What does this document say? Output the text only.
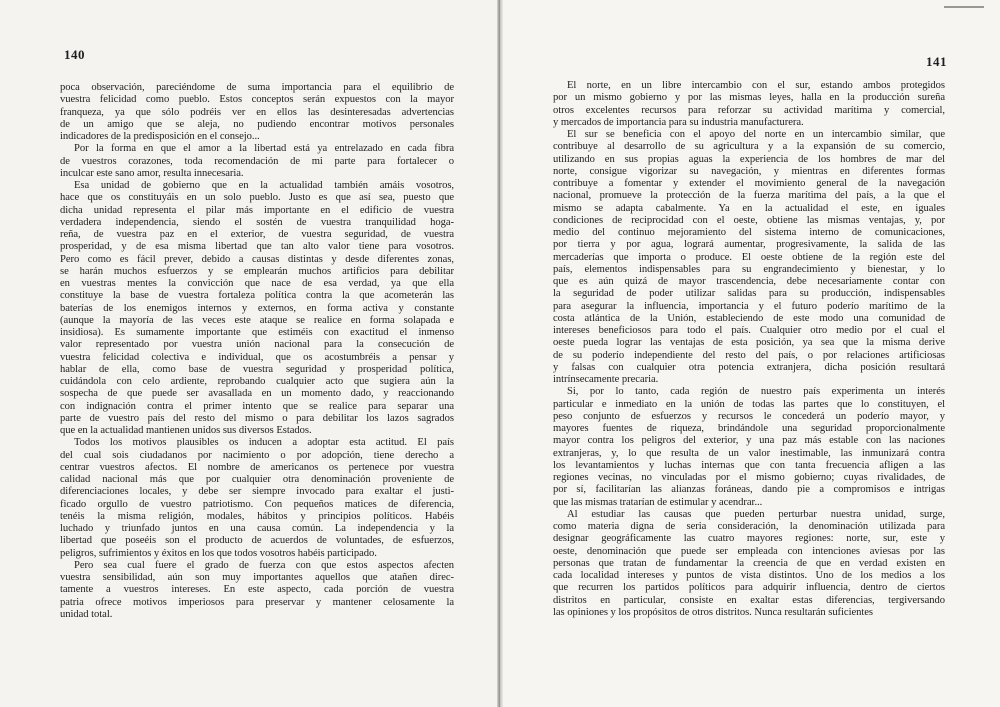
140	141
poca observación, pareciéndome de suma importancia para el equilibrio de
vuestra felicidad como pueblo. Estos conceptos serán expuestos con la mayor
franqueza, ya que sólo podréis ver en ellos las desinteresadas advertencias
de un amigo que se aleja, no pudiendo encontrar motivos personales
indicadores de la predisposición en el consejo...
Por la forma en que el amor a la libertad está ya entrelazado en cada fibra
de vuestros corazones, toda recomendación de mi parte para fortalecer o
inculcar este sano amor, resulta innecesaria.
Esa unidad de gobierno que en la actualidad también amáis vosotros,
hace que os constituyáis en un solo pueblo. Justo es que así sea, puesto que
dicha unidad representa el pilar más importante en el edificio de vuestra
verdadera independencia, siendo el sostén de vuestra tranquilidad hoga-
reña, de vuestra paz en el exterior, de vuestra seguridad, de vuestra
prosperidad, y de esa misma libertad que tan alto valor tiene para vosotros.
Pero como es fácil prever, debido a causas distintas y desde diferentes zonas,
se harán muchos esfuerzos y se emplearán muchos artificios para debilitar
en vuestras mentes la convicción que nace de esa verdad, ya que ella
constituye la base de vuestra fortaleza política contra la que acometerán las
baterías de los enemigos internos y externos, en forma activa y constante
(aunque la mayoría de las veces este ataque se realice en forma solapada e
insidiosa). Es sumamente importante que estiméis con exactitud el inmenso
valor representado por vuestra unión nacional para la consecución de
vuestra felicidad colectiva e individual, que os acostumbréis a pensar y
hablar de ella, como base de vuestra seguridad y prosperidad política,
cuidándola con celo ardiente, reprobando cualquier acto que sugiera aún la
sospecha de que puede ser avasallada en un momento dado, y reaccionando
con indignación contra el primer intento que se realice para separar una
parte de vuestro país del resto del mismo o para debilitar los lazos sagrados
que en la actualidad mantienen unidos sus diversos Estados.
Todos los motivos plausibles os inducen a adoptar esta actitud. El país
del cual sois ciudadanos por nacimiento o por adopción, tiene derecho a
centrar vuestros afectos. El nombre de americanos os pertenece por vuestra
calidad nacional más que por cualquier otra denominación proveniente de
diferenciaciones locales, y debe ser siempre invocado para exaltar el justi-
ficado orgullo de vuestro patriotismo. Con pequeños matices de diferencia,
tenéis la misma religión, modales, hábitos y principios políticos. Habéis
luchado y triunfado juntos en una causa común. La independencia y la
libertad que poseéis son el producto de acuerdos de voluntades, de esfuerzos,
peligros, sufrimientos y éxitos en los que todos vosotros habéis participado.
Pero sea cual fuere el grado de fuerza con que estos aspectos afecten
vuestra sensibilidad, aún son muy importantes aquellos que atañen direc-
tamente a vuestros intereses. En este aspecto, cada porción de vuestra
patria ofrece motivos imperiosos para preservar y mantener celosamente la
unidad total.
El norte, en un libre intercambio con el sur, estando ambos protegidos
por un mismo gobierno y por las mismas leyes, halla en la producción sureña
otros excelentes recursos para reforzar su actividad marítima y comercial,
y mercados de importancia para su industria manufacturera.
El sur se beneficia con el apoyo del norte en un intercambio similar, que
contribuye al desarrollo de su agricultura y a la expansión de su comercio,
utilizando en sus propias aguas la experiencia de los hombres de mar del
norte, consigue vigorizar su navegación, y mientras en diferentes formas
contribuye a fomentar y extender el movimiento general de la navegación
nacional, promueve la protección de la fuerza marítima del país, a la que el
mismo se adapta cabalmente. Ya en la actualidad el este, en iguales
condiciones de reciprocidad con el oeste, obtiene las mismas ventajas, y, por
medio del continuo mejoramiento del sistema interno de comunicaciones,
por tierra y por agua, logrará aumentar, progresivamente, la salida de las
mercaderías que importa o produce. El oeste obtiene de la región este del
país, elementos indispensables para su engrandecimiento y bienestar, y lo
que es aún quizá de mayor trascendencia, debe necesariamente contar con
la seguridad de poder utilizar salidas para su producción, indispensables
para asegurar la influencia, importancia y el futuro poderío marítimo de la
costa atlántica de la Unión, estableciendo de este modo una comunidad de
intereses beneficiosos para todo el país. Cualquier otro medio por el cual el
oeste pueda lograr las ventajas de esta posición, ya sea que la misma derive
de su poderío independiente del resto del país, o por relaciones artificiosas
y falsas con cualquier otra potencia extranjera, dicha posición resultará
intrínsecamente precaria.
Si, por lo tanto, cada región de nuestro país experimenta un interés
particular e inmediato en la unión de todas las partes que lo constituyen, el
peso conjunto de esfuerzos y recursos le concederá un poderío mayor, y
mayores fuentes de riqueza, brindándole una seguridad proporcionalmente
mayor contra los peligros del exterior, y una paz más estable con las naciones
extranjeras, y, lo que resulta de un valor inestimable, las inmunizará contra
los levantamientos y luchas internas que con tanta frecuencia afligen a las
regiones vecinas, no vinculadas por el mismo gobierno; cuyas rivalidades, de
por sí, facilitarían las alianzas foráneas, dando pie a compromisos e intrigas
que las mismas tratarían de estimular y acendrar...
Al estudiar las causas que pueden perturbar nuestra unidad, surge,
como materia digna de seria consideración, la denominación utilizada para
designar geográficamente las cuatro mayores regiones: norte, sur, este y
oeste, denominación que puede ser empleada con intenciones aviesas por las
personas que tratan de fundamentar la creencia de que en verdad existen en
cada localidad intereses y puntos de vista distintos. Uno de los medios a los
que recurren los partidos políticos para adquirir influencia, dentro de ciertos
distritos en particular, consiste en exaltar estas diferencias, tergiversando
las opiniones y los propósitos de otros distritos. Nunca resultarán suficientes
